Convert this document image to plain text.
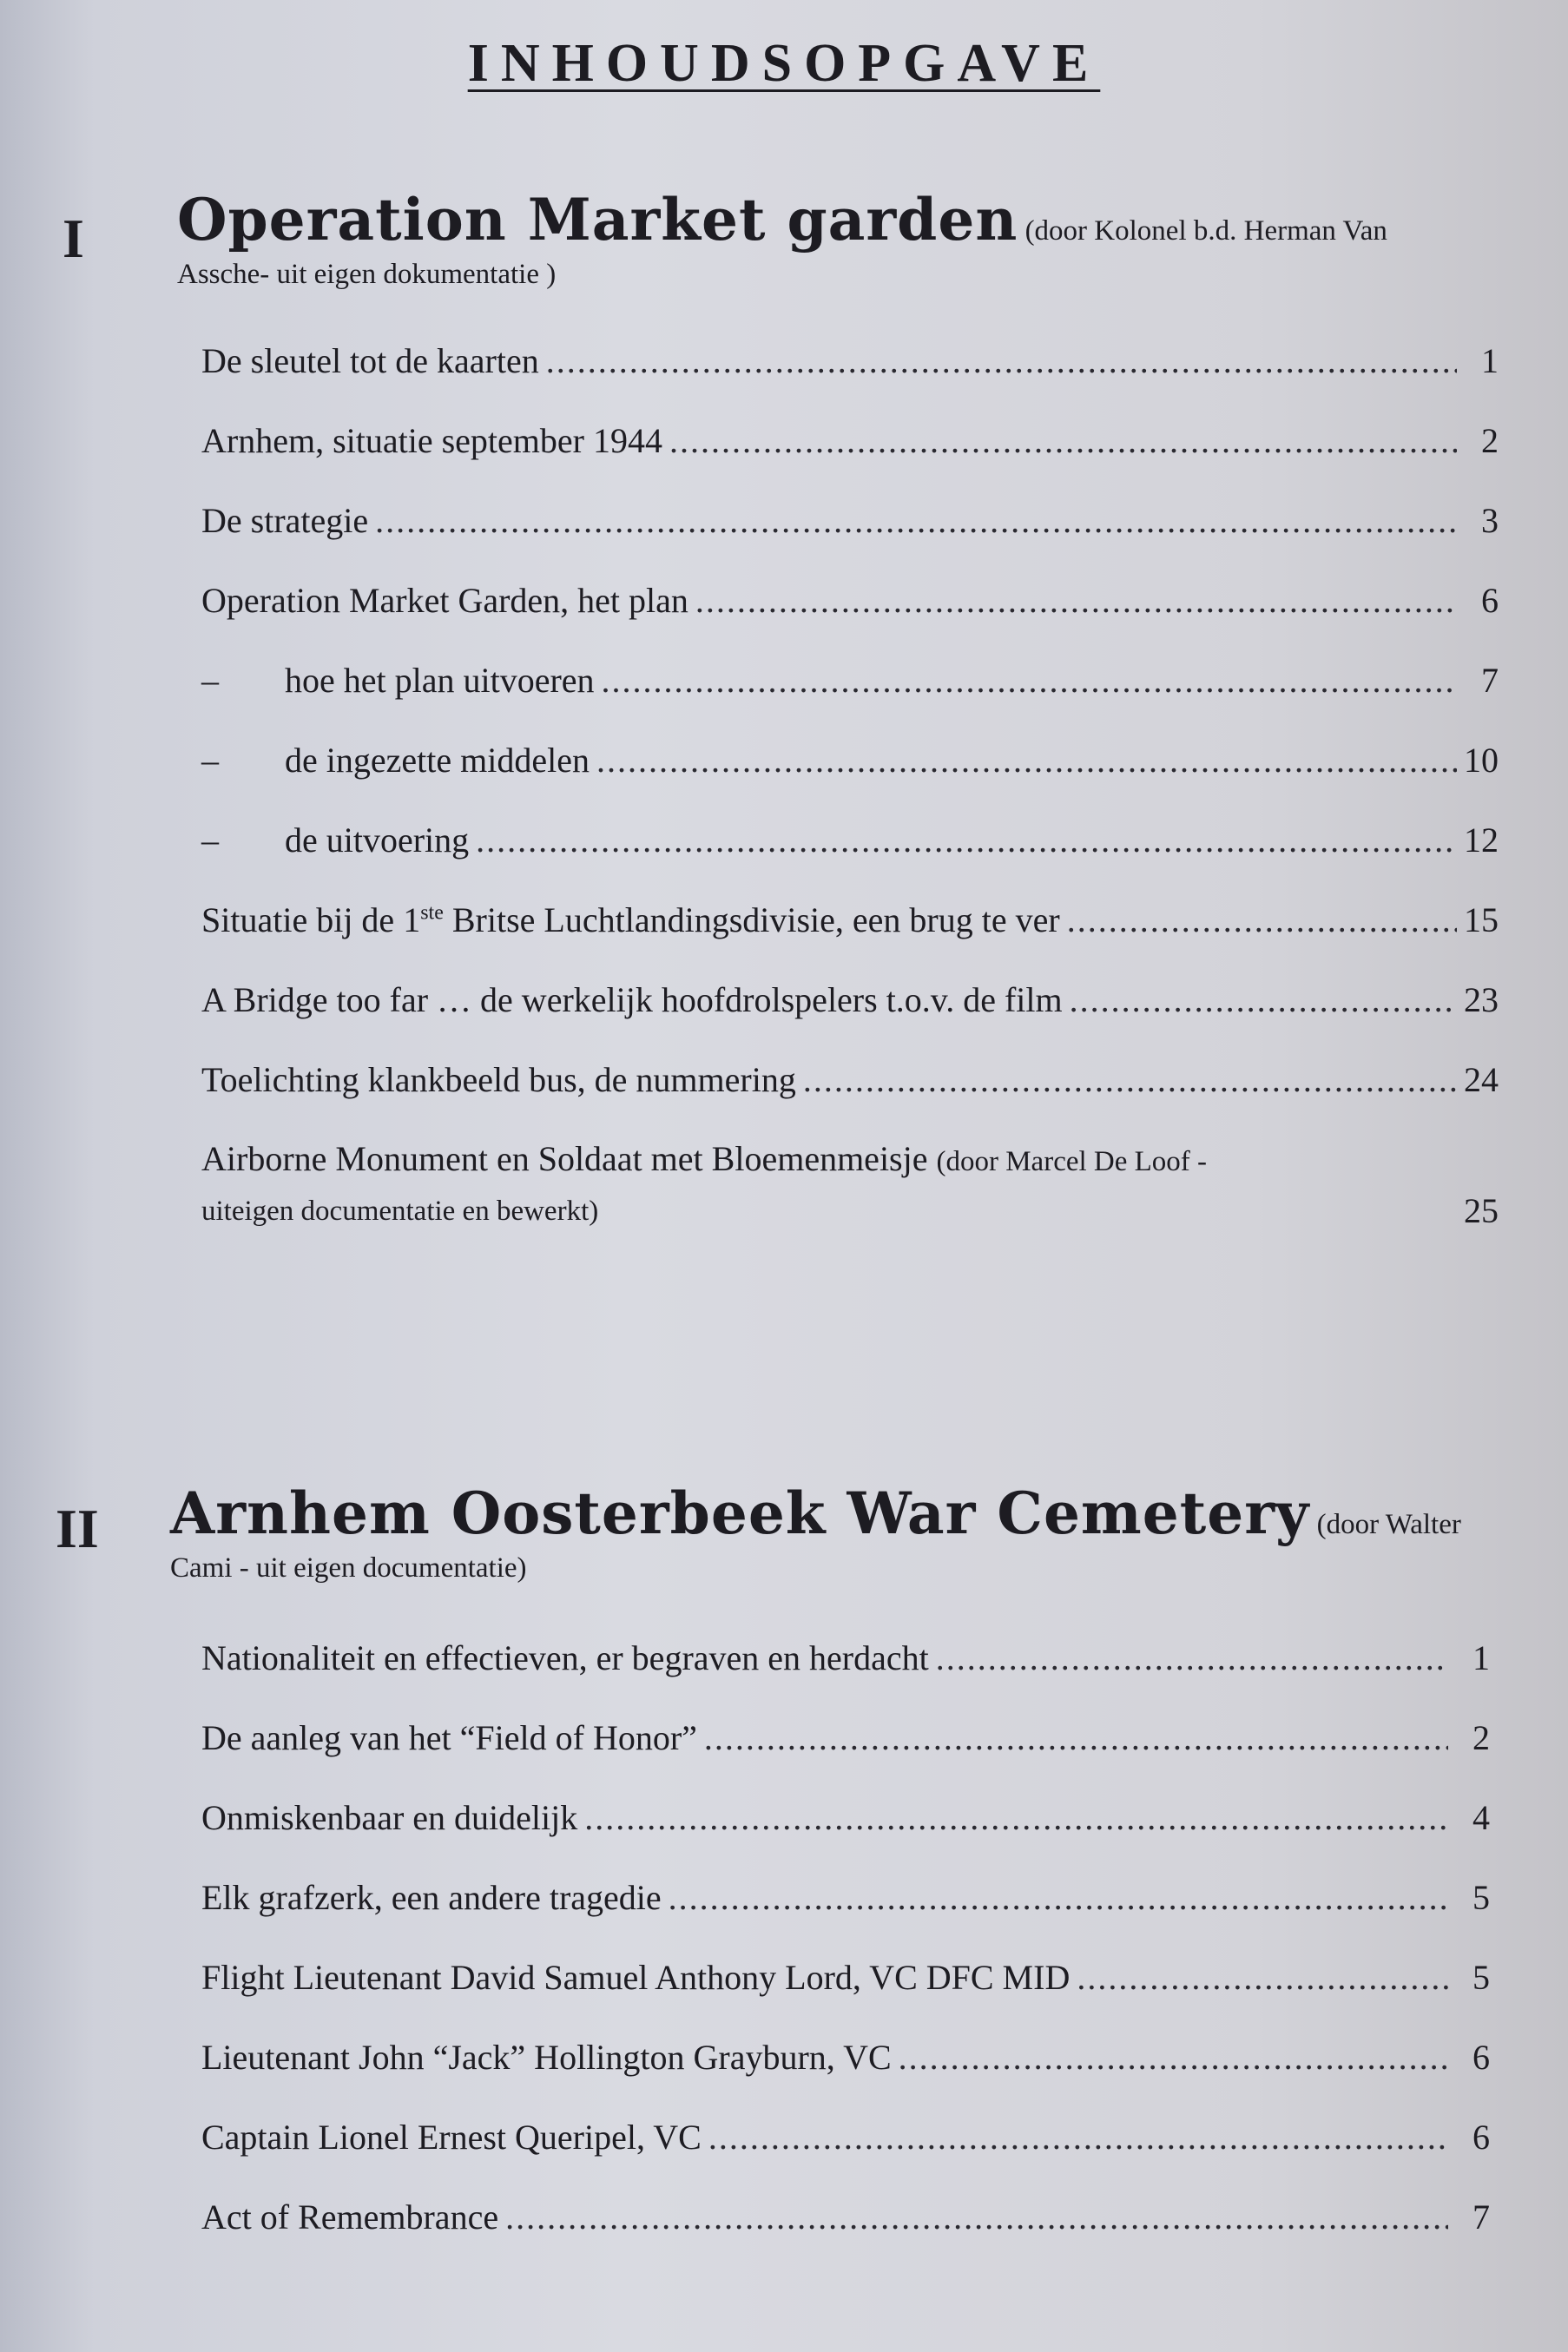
INHOUDSOPGAVE
I Operation Market garden (door Kolonel b.d. Herman Van
Assche- uit eigen dokumentatie )
De sleutel tot de kaarten .....	1
Arnhem, situatie september 1944 .....	2
De strategie .....	3
Operation Market Garden, het plan .....	6
–	hoe het plan uitvoeren .....	7
–	de ingezette middelen .....	10
–	de uitvoering .....	12
Situatie bij de 1ste Britse Luchtlandingsdivisie, een brug te ver .....	15
A Bridge too far … de werkelijk hoofdrolspelers t.o.v. de film .....	23
Toelichting klankbeeld bus, de nummering .....	24
Airborne Monument en Soldaat met Bloemenmeisje (door Marcel De Loof -
uiteigen documentatie en bewerkt)	25
II Arnhem Oosterbeek War Cemetery (door Walter
Cami - uit eigen documentatie)
Nationaliteit en effectieven, er begraven en herdacht .....	1
De aanleg van het “Field of Honor” .....	2
Onmiskenbaar en duidelijk .....	4
Elk grafzerk, een andere tragedie .....	5
Flight Lieutenant David Samuel Anthony Lord, VC DFC MID .....	5
Lieutenant John “Jack” Hollington Grayburn, VC .....	6
Captain Lionel Ernest Queripel, VC .....	6
Act of Remembrance .....	7
